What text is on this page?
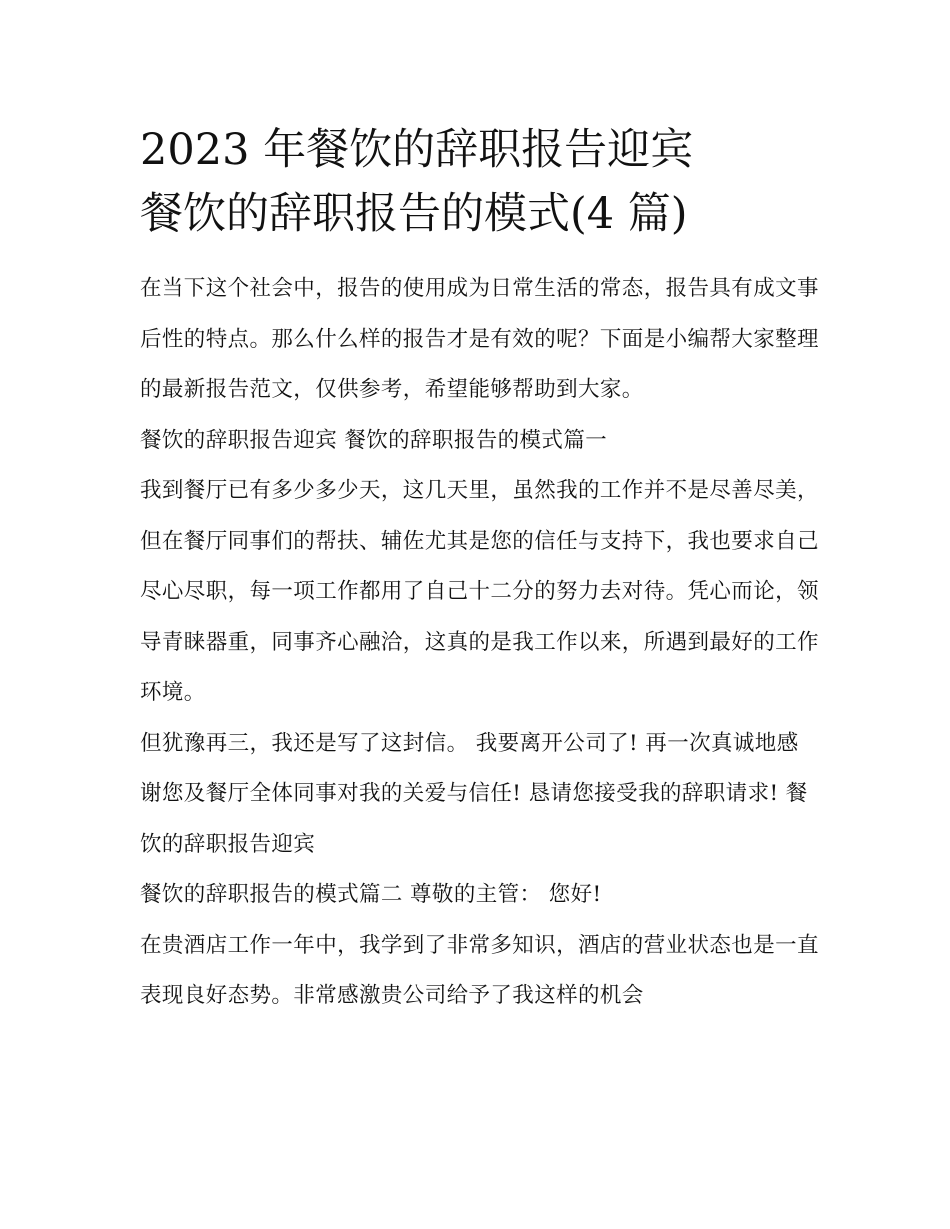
2023 年餐饮的辞职报告迎宾
餐饮的辞职报告的模式(4 篇)

在当下这个社会中，报告的使用成为日常生活的常态，报告具有成文事后性的特点。那么什么样的报告才是有效的呢？下面是小编帮大家整理的最新报告范文，仅供参考，希望能够帮助到大家。

餐饮的辞职报告迎宾 餐饮的辞职报告的模式篇一

我到餐厅已有多少多少天，这几天里，虽然我的工作并不是尽善尽美，但在餐厅同事们的帮扶、辅佐尤其是您的信任与支持下，我也要求自己尽心尽职，每一项工作都用了自己十二分的努力去对待。凭心而论，领导青睐器重，同事齐心融洽，这真的是我工作以来，所遇到最好的工作环境。

但犹豫再三，我还是写了这封信。 我要离开公司了! 再一次真诚地感谢您及餐厅全体同事对我的关爱与信任! 恳请您接受我的辞职请求! 餐饮的辞职报告迎宾

餐饮的辞职报告的模式篇二 尊敬的主管： 您好!

在贵酒店工作一年中，我学到了非常多知识，酒店的营业状态也是一直表现良好态势。非常感激贵公司给予了我这样的机会
